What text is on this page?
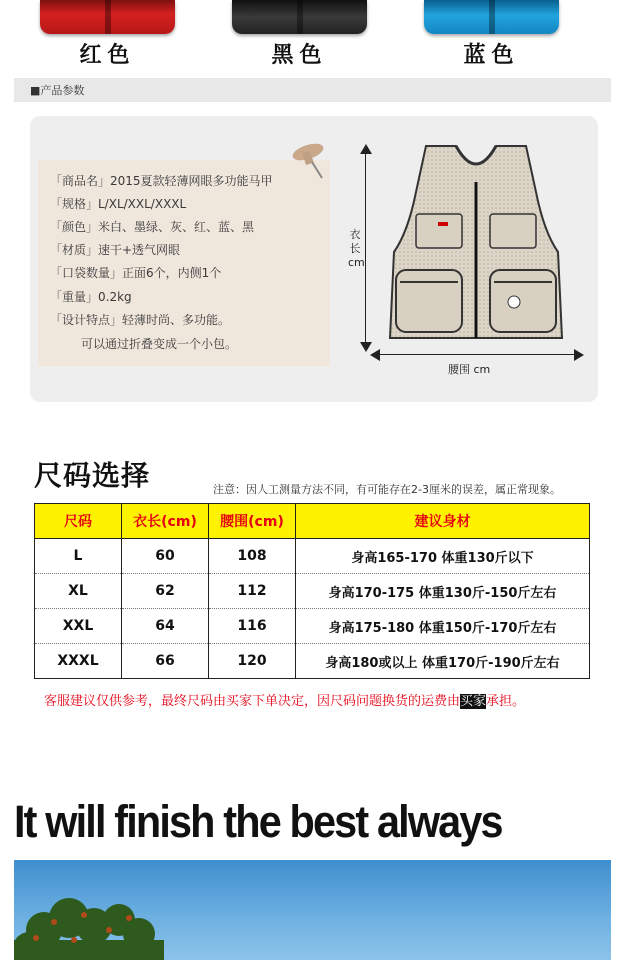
红色	黑色	蓝色
■产品参数
「商品名」2015夏款轻薄网眼多功能马甲
「规格」L/XL/XXL/XXXL
「颜色」米白、墨绿、灰、红、蓝、黑
「材质」速干+透气网眼
「口袋数量」正面6个，内侧1个
「重量」0.2kg
「设计特点」轻薄时尚、多功能。
可以通过折叠变成一个小包。
衣长cm
腰围 cm
尺码选择	注意：因人工测量方法不同，有可能存在2-3厘米的误差，属正常现象。
尺码	衣长(cm)	腰围(cm)	建议身材
L	60	108	身高165-170 体重130斤以下
XL	62	112	身高170-175 体重130斤-150斤左右
XXL	64	116	身高175-180 体重150斤-170斤左右
XXXL	66	120	身高180或以上 体重170斤-190斤左右
客服建议仅供参考，最终尺码由买家下单决定，因尺码问题换货的运费由买家承担。
It will finish the best always
